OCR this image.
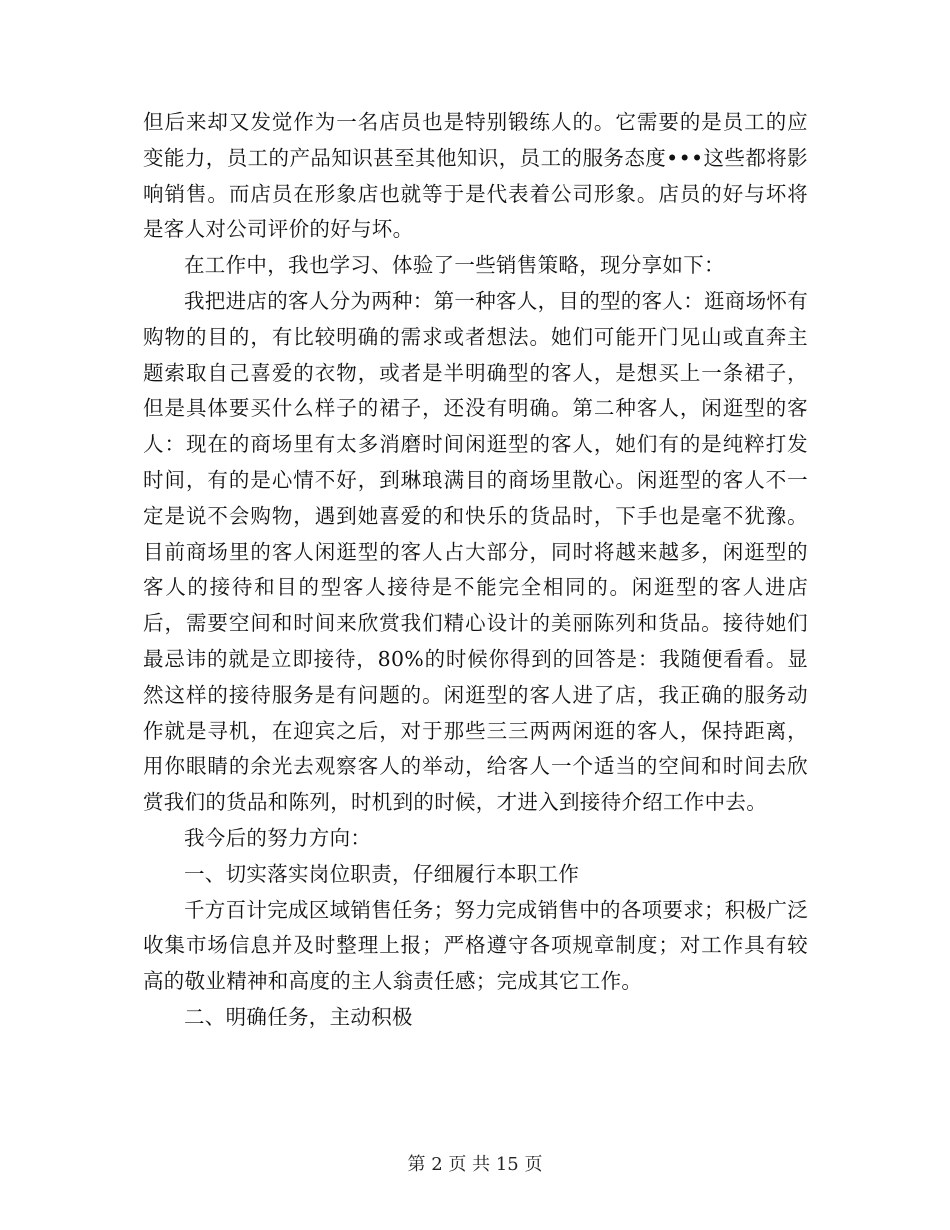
但后来却又发觉作为一名店员也是特别锻练人的。它需要的是员工的应变能力，员工的产品知识甚至其他知识，员工的服务态度•••这些都将影响销售。而店员在形象店也就等于是代表着公司形象。店员的好与坏将是客人对公司评价的好与坏。

在工作中，我也学习、体验了一些销售策略，现分享如下：

我把进店的客人分为两种：第一种客人，目的型的客人：逛商场怀有购物的目的，有比较明确的需求或者想法。她们可能开门见山或直奔主题索取自己喜爱的衣物，或者是半明确型的客人，是想买上一条裙子，但是具体要买什么样子的裙子，还没有明确。第二种客人，闲逛型的客人：现在的商场里有太多消磨时间闲逛型的客人，她们有的是纯粹打发时间，有的是心情不好，到琳琅满目的商场里散心。闲逛型的客人不一定是说不会购物，遇到她喜爱的和快乐的货品时，下手也是毫不犹豫。目前商场里的客人闲逛型的客人占大部分，同时将越来越多，闲逛型的客人的接待和目的型客人接待是不能完全相同的。闲逛型的客人进店后，需要空间和时间来欣赏我们精心设计的美丽陈列和货品。接待她们最忌讳的就是立即接待，80%的时候你得到的回答是：我随便看看。显然这样的接待服务是有问题的。闲逛型的客人进了店，我正确的服务动作就是寻机，在迎宾之后，对于那些三三两两闲逛的客人，保持距离，用你眼睛的余光去观察客人的举动，给客人一个适当的空间和时间去欣赏我们的货品和陈列，时机到的时候，才进入到接待介绍工作中去。

我今后的努力方向：

一、切实落实岗位职责，仔细履行本职工作

千方百计完成区域销售任务；努力完成销售中的各项要求；积极广泛收集市场信息并及时整理上报；严格遵守各项规章制度；对工作具有较高的敬业精神和高度的主人翁责任感；完成其它工作。

二、明确任务，主动积极

第 2 页 共 15 页
